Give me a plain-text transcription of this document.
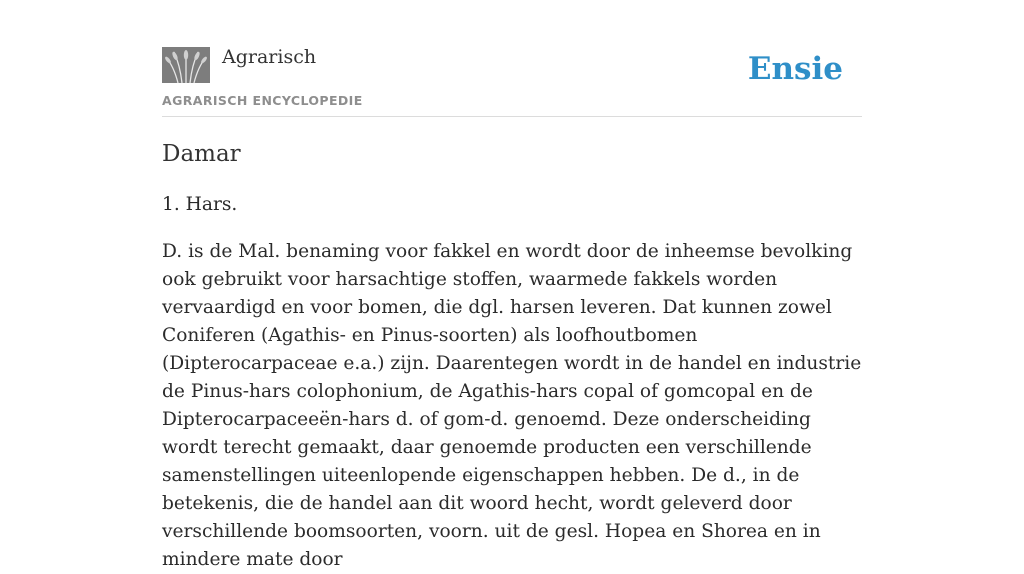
Agrarisch
AGRARISCH ENCYCLOPEDIE
Ensie
Damar

1. Hars.

D. is de Mal. benaming voor fakkel en wordt door de inheemse bevolking ook gebruikt voor harsachtige stoffen, waarmede fakkels worden vervaardigd en voor bomen, die dgl. harsen leveren. Dat kunnen zowel Coniferen (Agathis- en Pinus-soorten) als loofhoutbomen (Dipterocarpaceae e.a.) zijn. Daarentegen wordt in de handel en industrie de Pinus-hars colophonium, de Agathis-hars copal of gomcopal en de Dipterocarpaceeën-hars d. of gom-d. genoemd. Deze onderscheiding wordt terecht gemaakt, daar genoemde producten een verschillende samenstellingen uiteenlopende eigenschappen hebben. De d., in de betekenis, die de handel aan dit woord hecht, wordt geleverd door verschillende boomsoorten, voorn. uit de gesl. Hopea en Shorea en in mindere mate door
